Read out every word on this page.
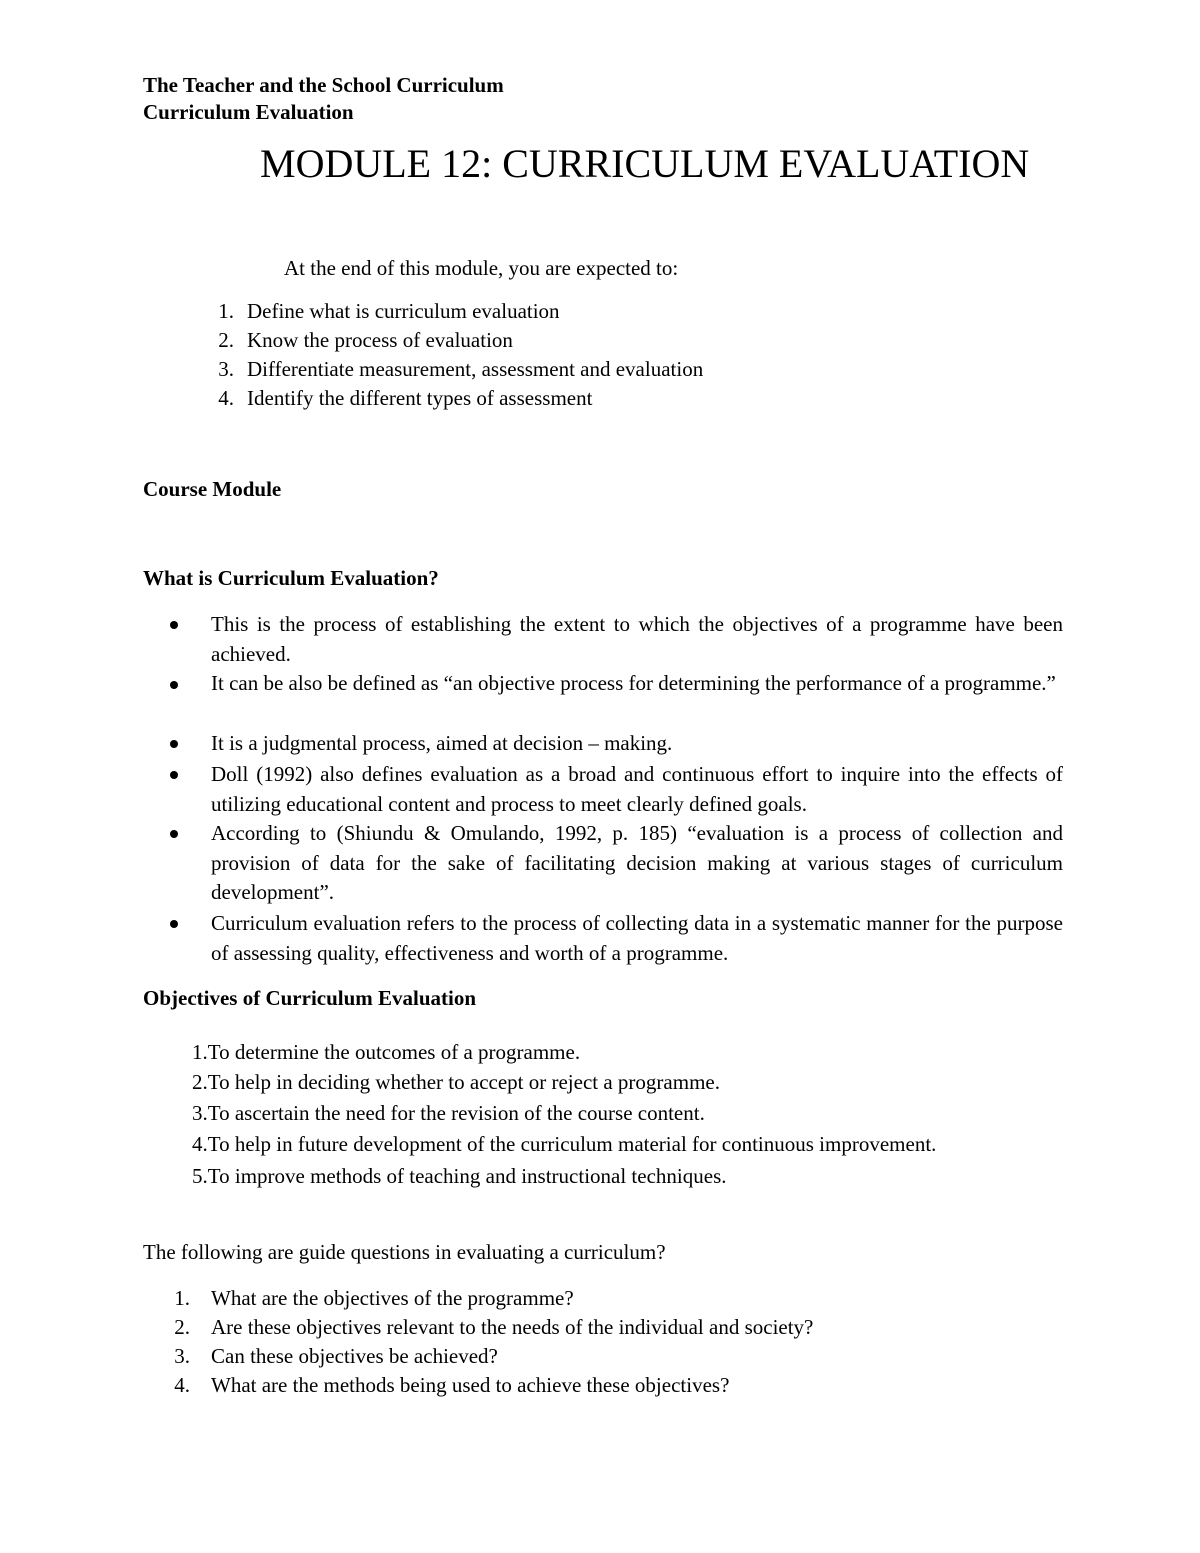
The Teacher and the School Curriculum
Curriculum Evaluation
MODULE 12: CURRICULUM EVALUATION
At the end of this module, you are expected to:
1. Define what is curriculum evaluation
2. Know the process of evaluation
3. Differentiate measurement, assessment and evaluation
4. Identify the different types of assessment
Course Module
What is Curriculum Evaluation?
This is the process of establishing the extent to which the objectives of a programme have been achieved.
It can be also be defined as “an objective process for determining the performance of a programme.”
It is a judgmental process, aimed at decision – making.
Doll (1992) also defines evaluation as a broad and continuous effort to inquire into the effects of utilizing educational content and process to meet clearly defined goals.
According to (Shiundu & Omulando, 1992, p. 185) “evaluation is a process of collection and provision of data for the sake of facilitating decision making at various stages of curriculum development”.
Curriculum evaluation refers to the process of collecting data in a systematic manner for the purpose of assessing quality, effectiveness and worth of a programme.
Objectives of Curriculum Evaluation
1.To determine the outcomes of a programme.
2.To help in deciding whether to accept or reject a programme.
3.To ascertain the need for the revision of the course content.
4.To help in future development of the curriculum material for continuous improvement.
5.To improve methods of teaching and instructional techniques.
The following are guide questions in evaluating a curriculum?
1. What are the objectives of the programme?
2. Are these objectives relevant to the needs of the individual and society?
3. Can these objectives be achieved?
4. What are the methods being used to achieve these objectives?
